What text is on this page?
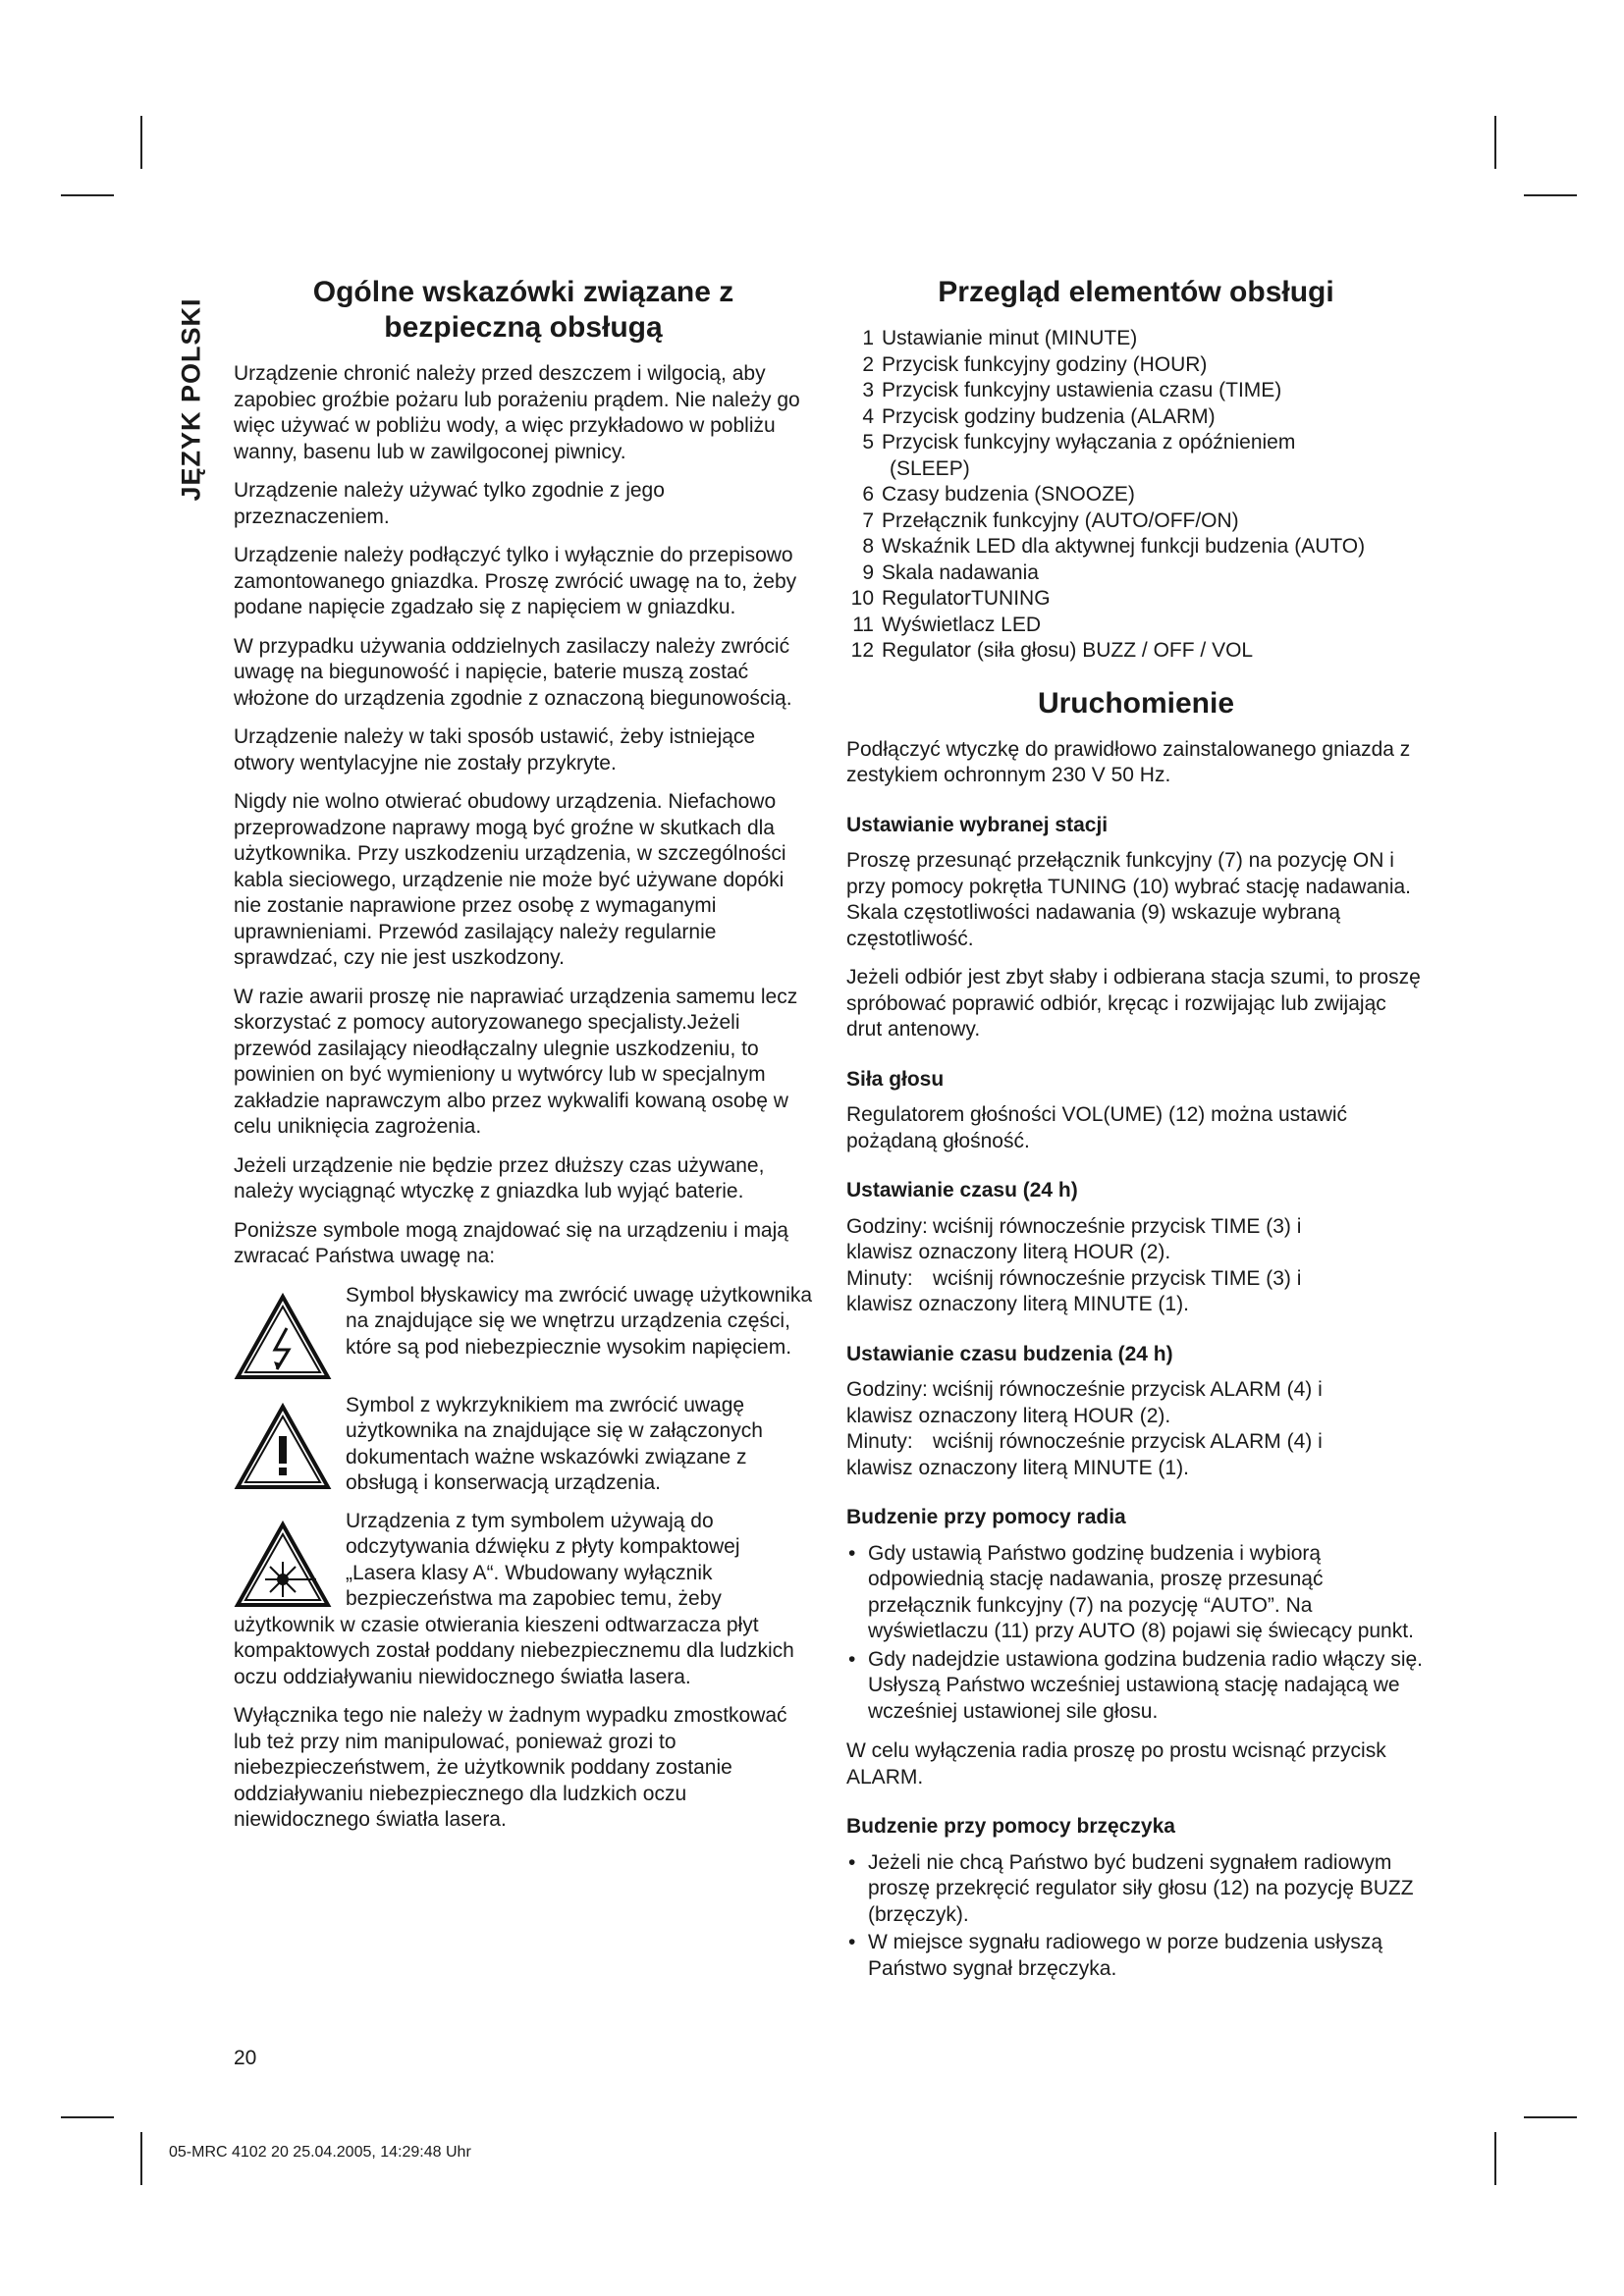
JĘZYK POLSKI
Ogólne wskazówki związane z bezpieczną obsługą

Urządzenie chronić należy przed deszczem i wilgocią, aby zapobiec groźbie pożaru lub porażeniu prądem. Nie należy go więc używać w pobliżu wody, a więc przykładowo w pobliżu wanny, basenu lub w zawilgoconej piwnicy.

Urządzenie należy używać tylko zgodnie z jego przeznaczeniem.

Urządzenie należy podłączyć tylko i wyłącznie do przepisowo zamontowanego gniazdka. Proszę zwrócić uwagę na to, żeby podane napięcie zgadzało się z napięciem w gniazdku.

W przypadku używania oddzielnych zasilaczy należy zwrócić uwagę na biegunowość i napięcie, baterie muszą zostać włożone do urządzenia zgodnie z oznaczoną biegunowością.

Urządzenie należy w taki sposób ustawić, żeby istniejące otwory wentylacyjne nie zostały przykryte.

Nigdy nie wolno otwierać obudowy urządzenia. Niefachowo przeprowadzone naprawy mogą być groźne w skutkach dla użytkownika. Przy uszkodzeniu urządzenia, w szczególności kabla sieciowego, urządzenie nie może być używane dopóki nie zostanie naprawione przez osobę z wymaganymi uprawnieniami. Przewód zasilający należy regularnie sprawdzać, czy nie jest uszkodzony.

W razie awarii proszę nie naprawiać urządzenia samemu lecz skorzystać z pomocy autoryzowanego specjalisty.Jeżeli przewód zasilający nieodłączalny ulegnie uszkodzeniu, to powinien on być wymieniony u wytwórcy lub w specjalnym zakładzie naprawczym albo przez wykwalifi kowaną osobę w celu uniknięcia zagrożenia.

Jeżeli urządzenie nie będzie przez dłuższy czas używane, należy wyciągnąć wtyczkę z gniazdka lub wyjąć baterie.

Poniższe symbole mogą znajdować się na urządzeniu i mają zwracać Państwa uwagę na:

Symbol błyskawicy ma zwrócić uwagę użytkownika na znajdujące się we wnętrzu urządzenia części, które są pod niebezpiecznie wysokim napięciem.
Symbol z wykrzyknikiem ma zwrócić uwagę użytkownika na znajdujące się w załączonych dokumentach ważne wskazówki związane z obsługą i konserwacją urządzenia.
Urządzenia z tym symbolem używają do odczytywania dźwięku z płyty kompaktowej „Lasera klasy A“. Wbudowany wyłącznik bezpieczeństwa ma zapobiec temu, żeby użytkownik w czasie otwierania kieszeni odtwarzacza płyt kompaktowych został poddany niebezpiecznemu dla ludzkich oczu oddziaływaniu niewidocznego światła lasera.

Wyłącznika tego nie należy w żadnym wypadku zmostkować lub też przy nim manipulować, ponieważ grozi to niebezpieczeństwem, że użytkownik poddany zostanie oddziaływaniu niebezpiecznego dla ludzkich oczu niewidocznego światła lasera.

Przegląd elementów obsługi
1 Ustawianie minut (MINUTE)
2 Przycisk funkcyjny godziny (HOUR)
3 Przycisk funkcyjny ustawienia czasu (TIME)
4 Przycisk godziny budzenia (ALARM)
5 Przycisk funkcyjny wyłączania z opóźnieniem
(SLEEP)
6 Czasy budzenia (SNOOZE)
7 Przełącznik funkcyjny (AUTO/OFF/ON)
8 Wskaźnik LED dla aktywnej funkcji budzenia (AUTO)
9 Skala nadawania
10 RegulatorTUNING
11 Wyświetlacz LED
12 Regulator (siła głosu) BUZZ / OFF / VOL
Uruchomienie

Podłączyć wtyczkę do prawidłowo zainstalowanego gniazda z zestykiem ochronnym 230 V 50 Hz.

Ustawianie wybranej stacji

Proszę przesunąć przełącznik funkcyjny (7) na pozycję ON i przy pomocy pokrętła TUNING (10) wybrać stację nadawania. Skala częstotliwości nadawania (9) wskazuje wybraną częstotliwość.

Jeżeli odbiór jest zbyt słaby i odbierana stacja szumi, to proszę spróbować poprawić odbiór, kręcąc i rozwijając lub zwijając drut antenowy.

Siła głosu

Regulatorem głośności VOL(UME) (12) można ustawić pożądaną głośność.

Ustawianie czasu (24 h)
Godziny: wciśnij równocześnie przycisk TIME (3) i
klawisz oznaczony literą HOUR (2).
Minuty: wciśnij równocześnie przycisk TIME (3) i
klawisz oznaczony literą MINUTE (1).
Ustawianie czasu budzenia (24 h)
Godziny: wciśnij równocześnie przycisk ALARM (4) i
klawisz oznaczony literą HOUR (2).
Minuty: wciśnij równocześnie przycisk ALARM (4) i
klawisz oznaczony literą MINUTE (1).
Budzenie przy pomocy radia
• Gdy ustawią Państwo godzinę budzenia i wybiorą odpowiednią stację nadawania, proszę przesunąć przełącznik funkcyjny (7) na pozycję “AUTO”. Na wyświetlaczu (11) przy AUTO (8) pojawi się świecący punkt.
• Gdy nadejdzie ustawiona godzina budzenia radio włączy się. Usłyszą Państwo wcześniej ustawioną stację nadającą we wcześniej ustawionej sile głosu.

W celu wyłączenia radia proszę po prostu wcisnąć przycisk ALARM.

Budzenie przy pomocy brzęczyka
• Jeżeli nie chcą Państwo być budzeni sygnałem radiowym proszę przekręcić regulator siły głosu (12) na pozycję BUZZ (brzęczyk).
• W miejsce sygnału radiowego w porze budzenia usłyszą Państwo sygnał brzęczyka.
20
05-MRC 4102 20 25.04.2005, 14:29:48 Uhr
